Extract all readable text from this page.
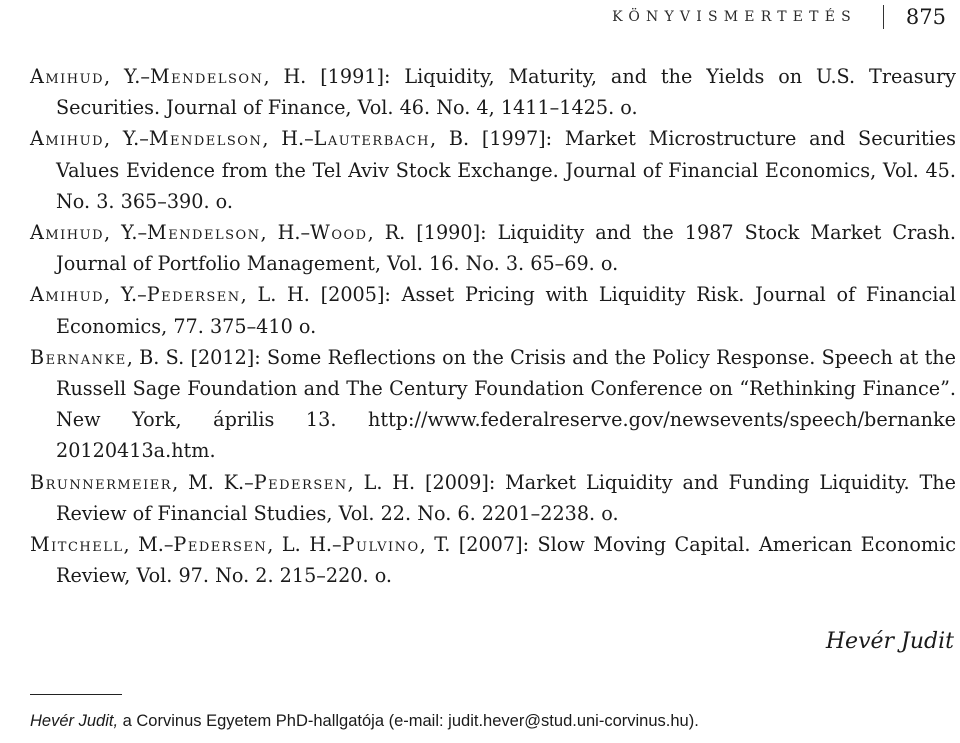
KÖNYVISMERTETÉS 875

Amihud, Y.–Mendelson, H. [1991]: Liquidity, Maturity, and the Yields on U.S. Treasury Securities. Journal of Finance, Vol. 46. No. 4, 1411–1425. o.

Amihud, Y.–Mendelson, H.–Lauterbach, B. [1997]: Market Microstructure and Securities Values Evidence from the Tel Aviv Stock Exchange. Journal of Financial Economics, Vol. 45. No. 3. 365–390. o.

Amihud, Y.–Mendelson, H.–Wood, R. [1990]: Liquidity and the 1987 Stock Market Crash. Journal of Portfolio Management, Vol. 16. No. 3. 65–69. o.

Amihud, Y.–Pedersen, L. H. [2005]: Asset Pricing with Liquidity Risk. Journal of Financial Economics, 77. 375–410 o.

Bernanke, B. S. [2012]: Some Reflections on the Crisis and the Policy Response. Speech at the Russell Sage Foundation and The Century Foundation Conference on “Rethinking Finance”. New York, április 13. http://www.federalreserve.gov/newsevents/speech/bernanke 20120413a.htm.

Brunnermeier, M. K.–Pedersen, L. H. [2009]: Market Liquidity and Funding Liquidity. The Review of Financial Studies, Vol. 22. No. 6. 2201–2238. o.

Mitchell, M.–Pedersen, L. H.–Pulvino, T. [2007]: Slow Moving Capital. American Economic Review, Vol. 97. No. 2. 215–220. o.

Hevér Judit
Hevér Judit, a Corvinus Egyetem PhD-hallgatója (e-mail: judit.hever@stud.uni-corvinus.hu).
